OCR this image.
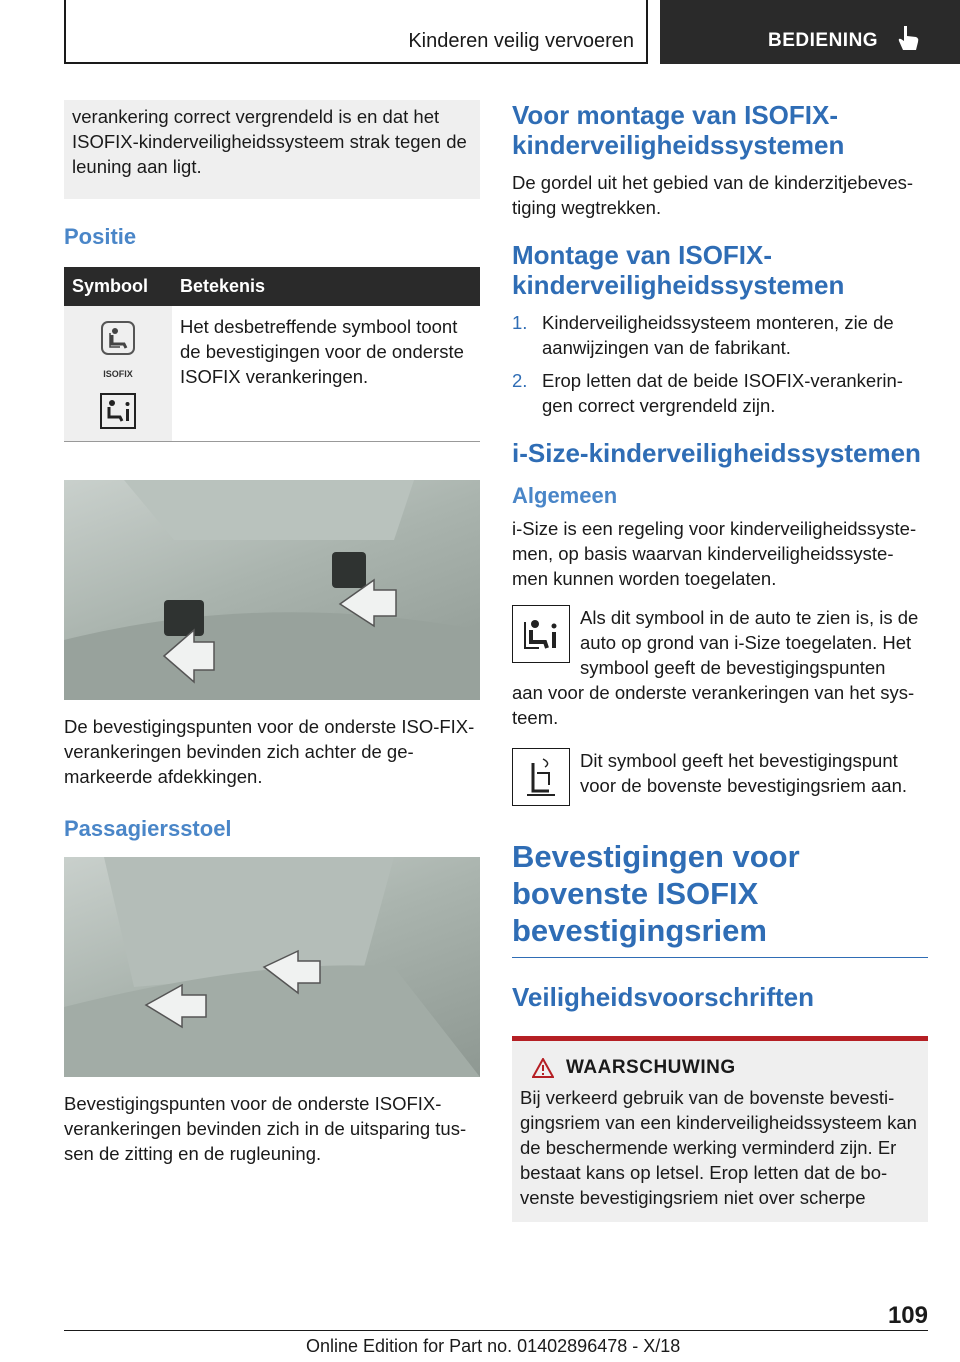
Kinderen veilig vervoeren	BEDIENING

verankering correct vergrendeld is en dat het ISOFIX-kinderveiligheidssysteem strak tegen de leuning aan ligt.

Positie

Symbool	Betekenis

ISOFIX	Het desbetreffende symbool toont de bevestigingen voor de onderste ISOFIX verankeringen.

De bevestigingspunten voor de onderste ISO-FIX-verankeringen bevinden zich achter de ge-markeerde afdekkingen.

Passagiersstoel

Bevestigingspunten voor de onderste ISOFIX-verankeringen bevinden zich in de uitsparing tus-sen de zitting en de rugleuning.

Voor montage van ISOFIX-kinderveiligheidssystemen

De gordel uit het gebied van de kinderzitjebeves-tiging wegtrekken.

Montage van ISOFIX-kinderveiligheidssystemen

1. Kinderveiligheidssysteem monteren, zie de aanwijzingen van de fabrikant.
2. Erop letten dat de beide ISOFIX-verankerin-gen correct vergrendeld zijn.

i-Size-kinderveiligheidssystemen

Algemeen

i-Size is een regeling voor kinderveiligheidssyste-men, op basis waarvan kinderveiligheidssyste-men kunnen worden toegelaten.

Als dit symbool in de auto te zien is, is de auto op grond van i-Size toegelaten. Het symbool geeft de bevestigingspunten

aan voor de onderste verankeringen van het sys-teem.

Dit symbool geeft het bevestigingspunt voor de bovenste bevestigingsriem aan.

Bevestigingen voor bovenste ISOFIX bevestigingsriem

Veiligheidsvoorschriften

WAARSCHUWING

Bij verkeerd gebruik van de bovenste bevesti-gingsriem van een kinderveiligheidssysteem kan de beschermende werking verminderd zijn. Er bestaat kans op letsel. Erop letten dat de bo-venste bevestigingsriem niet over scherpe

109
Online Edition for Part no. 01402896478 - X/18
